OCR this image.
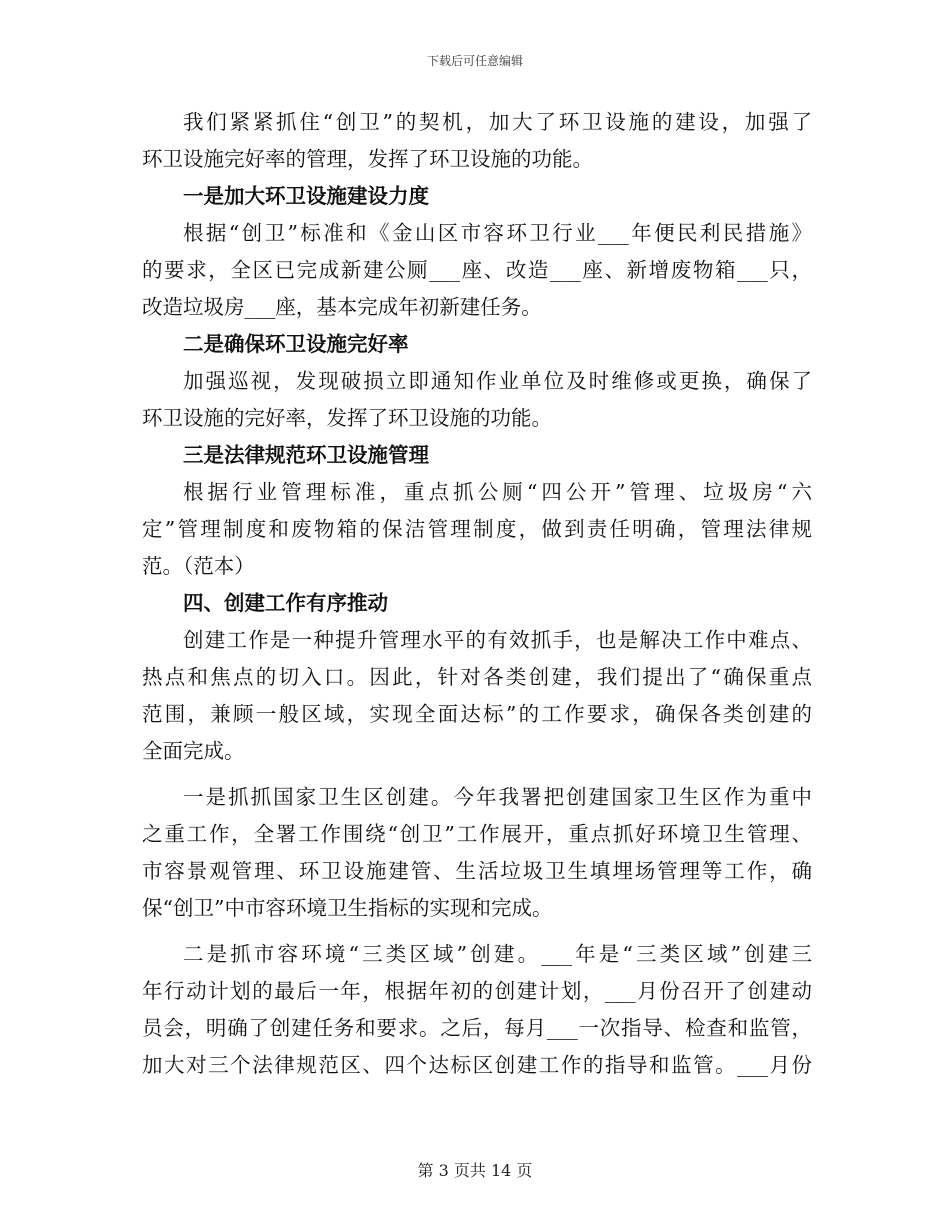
下载后可任意编辑
我们紧紧抓住“创卫”的契机，加大了环卫设施的建设，加强了
环卫设施完好率的管理，发挥了环卫设施的功能。
一是加大环卫设施建设力度
根据“创卫”标准和《金山区市容环卫行业___年便民利民措施》
的要求，全区已完成新建公厕___座、改造___座、新增废物箱___只，
改造垃圾房___座，基本完成年初新建任务。
二是确保环卫设施完好率
加强巡视，发现破损立即通知作业单位及时维修或更换，确保了
环卫设施的完好率，发挥了环卫设施的功能。
三是法律规范环卫设施管理
根据行业管理标准，重点抓公厕“四公开”管理、垃圾房“六
定”管理制度和废物箱的保洁管理制度，做到责任明确，管理法律规
范。（范本）
四、创建工作有序推动
创建工作是一种提升管理水平的有效抓手，也是解决工作中难点、
热点和焦点的切入口。因此，针对各类创建，我们提出了“确保重点
范围，兼顾一般区域，实现全面达标”的工作要求，确保各类创建的
全面完成。
一是抓抓国家卫生区创建。今年我署把创建国家卫生区作为重中
之重工作，全署工作围绕“创卫”工作展开，重点抓好环境卫生管理、
市容景观管理、环卫设施建管、生活垃圾卫生填埋场管理等工作，确
保“创卫”中市容环境卫生指标的实现和完成。
二是抓市容环境“三类区域”创建。___年是“三类区域”创建三
年行动计划的最后一年，根据年初的创建计划，___月份召开了创建动
员会，明确了创建任务和要求。之后，每月___一次指导、检查和监管，
加大对三个法律规范区、四个达标区创建工作的指导和监管。___月份
第 3 页共 14 页
